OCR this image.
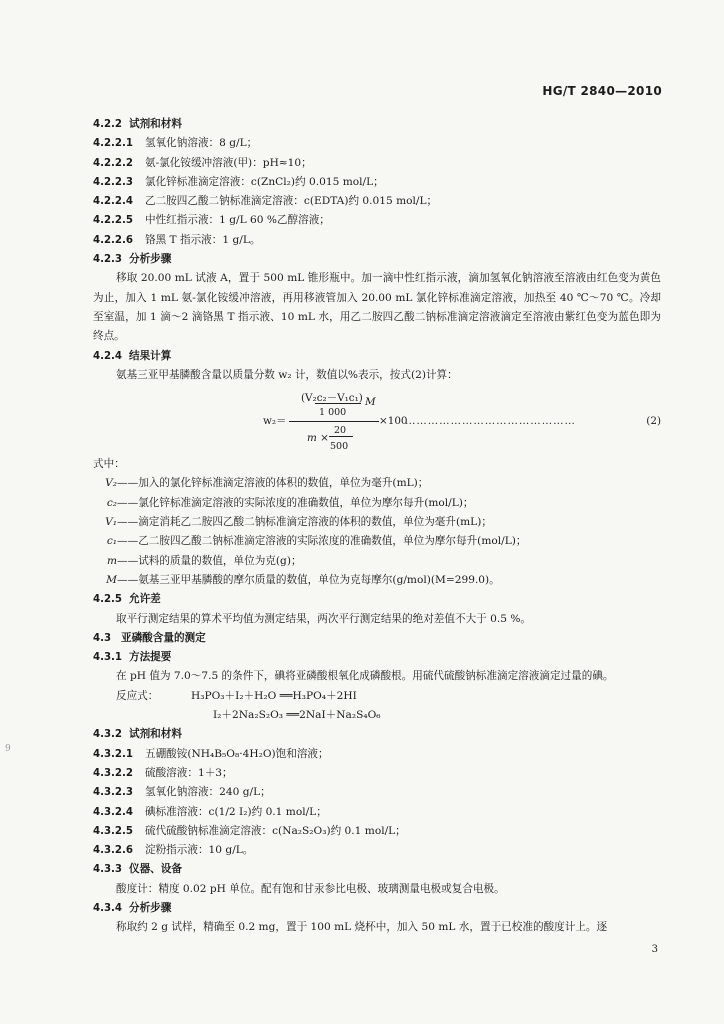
HG/T 2840—2010
4.2.2 试剂和材料
4.2.2.1 氢氧化钠溶液：8 g/L；
4.2.2.2 氨-氯化铵缓冲溶液(甲)：pH≈10；
4.2.2.3 氯化锌标准滴定溶液：c(ZnCl₂)约 0.015 mol/L；
4.2.2.4 乙二胺四乙酸二钠标准滴定溶液：c(EDTA)约 0.015 mol/L；
4.2.2.5 中性红指示液：1 g/L 60 %乙醇溶液；
4.2.2.6 铬黑 T 指示液：1 g/L。
4.2.3 分析步骤
移取 20.00 mL 试液 A，置于 500 mL 锥形瓶中。加一滴中性红指示液，滴加氢氧化钠溶液至溶液由红色变为黄色为止，加入 1 mL 氨-氯化铵缓冲溶液，再用移液管加入 20.00 mL 氯化锌标准滴定溶液，加热至 40 ℃～70 ℃。冷却至室温，加 1 滴～2 滴铬黑 T 指示液、10 mL 水，用乙二胺四乙酸二钠标准滴定溶液滴定至溶液由紫红色变为蓝色即为终点。
4.2.4 结果计算
氨基三亚甲基膦酸含量以质量分数 w₂ 计，数值以%表示，按式(2)计算：
w₂＝
(V₂c₂－V₁c₁)
1 000
M
×100
………………………………………	(2)
m ×
20
500
式中：
V₂——加入的氯化锌标准滴定溶液的体积的数值，单位为毫升(mL)；
c₂——氯化锌标准滴定溶液的实际浓度的准确数值，单位为摩尔每升(mol/L)；
V₁——滴定消耗乙二胺四乙酸二钠标准滴定溶液的体积的数值，单位为毫升(mL)；
c₁——乙二胺四乙酸二钠标准滴定溶液的实际浓度的准确数值，单位为摩尔每升(mol/L)；
m——试料的质量的数值，单位为克(g)；
M——氨基三亚甲基膦酸的摩尔质量的数值，单位为克每摩尔(g/mol)(M=299.0)。
4.2.5 允许差
取平行测定结果的算术平均值为测定结果，两次平行测定结果的绝对差值不大于 0.5 %。
4.3 亚磷酸含量的测定
4.3.1 方法提要
在 pH 值为 7.0～7.5 的条件下，碘将亚磷酸根氧化成磷酸根。用硫代硫酸钠标准滴定溶液滴定过量的碘。
反应式：	H₃PO₃＋I₂＋H₂O ══H₃PO₄＋2HI
I₂＋2Na₂S₂O₃ ══2NaI＋Na₂S₄O₆
4.3.2 试剂和材料
4.3.2.1 五硼酸铵(NH₄B₅O₈·4H₂O)饱和溶液；
4.3.2.2 硫酸溶液：1＋3；
4.3.2.3 氢氧化钠溶液：240 g/L；
4.3.2.4 碘标准溶液：c(1/2 I₂)约 0.1 mol/L；
4.3.2.5 硫代硫酸钠标准滴定溶液：c(Na₂S₂O₃)约 0.1 mol/L；
4.3.2.6 淀粉指示液：10 g/L。
4.3.3 仪器、设备
酸度计：精度 0.02 pH 单位。配有饱和甘汞参比电极、玻璃测量电极或复合电极。
4.3.4 分析步骤
称取约 2 g 试样，精确至 0.2 mg，置于 100 mL 烧杯中，加入 50 mL 水，置于已校准的酸度计上。逐
3
9
